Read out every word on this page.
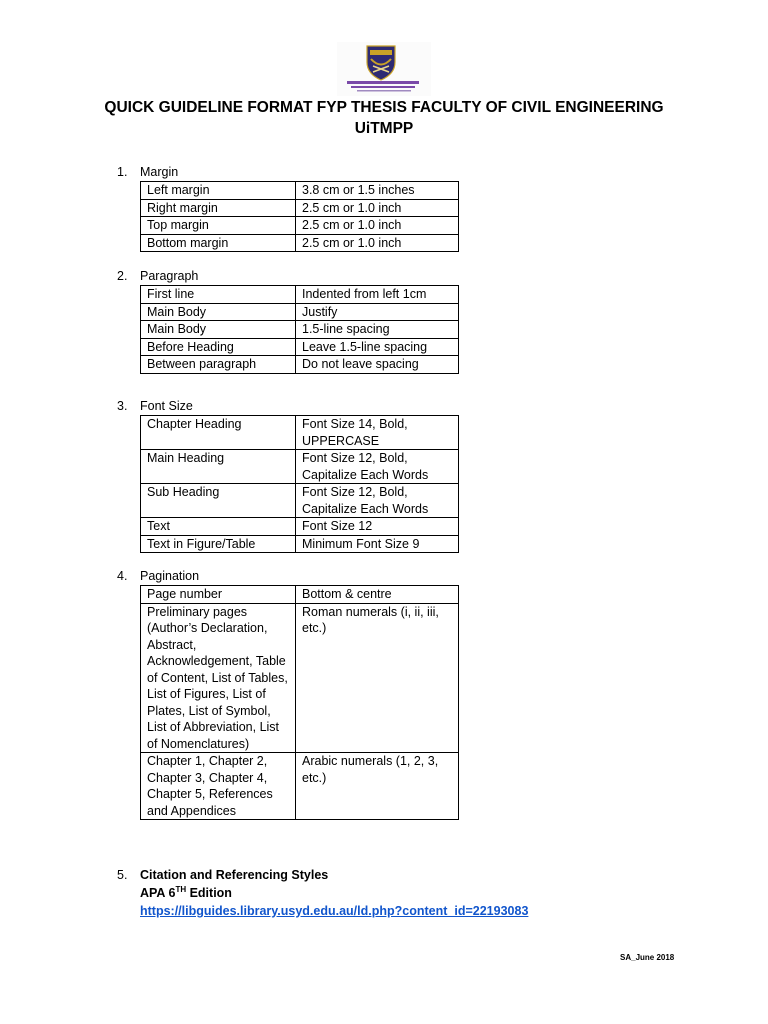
QUICK GUIDELINE FORMAT FYP THESIS FACULTY OF CIVIL ENGINEERING
UiTMPP
1.	Margin
Left margin	3.8 cm or 1.5 inches
Right margin	2.5 cm or 1.0 inch
Top margin	2.5 cm or 1.0 inch
Bottom margin	2.5 cm or 1.0 inch
2.	Paragraph
First line	Indented from left 1cm
Main Body	Justify
Main Body	1.5-line spacing
Before Heading	Leave 1.5-line spacing
Between paragraph	Do not leave spacing
3.	Font Size
Chapter Heading	Font Size 14, Bold, UPPERCASE
Main Heading	Font Size 12, Bold, Capitalize Each Words
Sub Heading	Font Size 12, Bold, Capitalize Each Words
Text	Font Size 12
Text in Figure/Table	Minimum Font Size 9
4.	Pagination
Page number	Bottom & centre
Preliminary pages (Author’s Declaration, Abstract, Acknowledgement, Table of Content, List of Tables, List of Figures, List of Plates, List of Symbol, List of Abbreviation, List of Nomenclatures)	Roman numerals (i, ii, iii, etc.)
Chapter 1, Chapter 2, Chapter 3, Chapter 4, Chapter 5, References and Appendices	Arabic numerals (1, 2, 3, etc.)
5.	Citation and Referencing Styles
APA 6TH Edition
https://libguides.library.usyd.edu.au/ld.php?content_id=22193083
SA_June 2018
